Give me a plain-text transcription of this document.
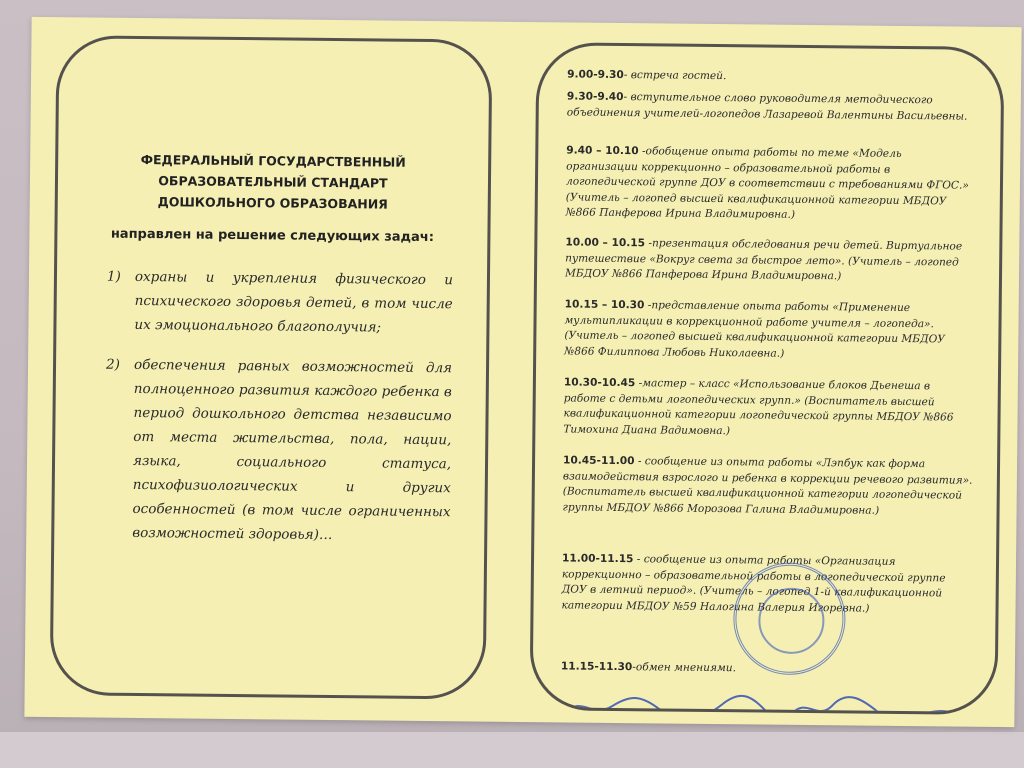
ФЕДЕРАЛЬНЫЙ ГОСУДАРСТВЕННЫЙ
ОБРАЗОВАТЕЛЬНЫЙ СТАНДАРТ
ДОШКОЛЬНОГО ОБРАЗОВАНИЯ
направлен на решение следующих задач:
1) охраны и укрепления физического и психического здоровья детей, в том числе их эмоционального благополучия;
2) обеспечения равных возможностей для полноценного развития каждого ребенка в период дошкольного детства независимо от места жительства, пола, нации, языка, социального статуса, психофизиологических и других особенностей (в том числе ограниченных возможностей здоровья)…
9.00-9.30- встреча гостей.
9.30-9.40- вступительное слово руководителя методического объединения учителей-логопедов Лазаревой Валентины Васильевны.
9.40 – 10.10 -обобщение опыта работы по теме «Модель организации коррекционно – образовательной работы в логопедической группе ДОУ в соответствии с требованиями ФГОС.» (Учитель – логопед высшей квалификационной категории МБДОУ №866 Панферова Ирина Владимировна.)
10.00 – 10.15 -презентация обследования речи детей. Виртуальное путешествие «Вокруг света за быстрое лето». (Учитель – логопед МБДОУ №866 Панферова Ирина Владимировна.)
10.15 – 10.30 -представление опыта работы «Применение мультипликации в коррекционной работе учителя – логопеда». (Учитель – логопед высшей квалификационной категории МБДОУ №866 Филиппова Любовь Николаевна.)
10.30-10.45 -мастер – класс «Использование блоков Дьенеша в работе с детьми логопедических групп.» (Воспитатель высшей квалификационной категории логопедической группы МБДОУ №866 Тимохина Диана Вадимовна.)
10.45-11.00 - сообщение из опыта работы «Лэпбук как форма взаимодействия взрослого и ребенка в коррекции речевого развития». (Воспитатель высшей квалификационной категории логопедической группы МБДОУ №866 Морозова Галина Владимировна.)
11.00-11.15 - сообщение из опыта работы «Организация коррекционно – образовательной работы в логопедической группе ДОУ в летний период». (Учитель – логопед 1-й квалификационной категории МБДОУ №59 Налогина Валерия Игоревна.)
11.15-11.30-обмен мнениями.
